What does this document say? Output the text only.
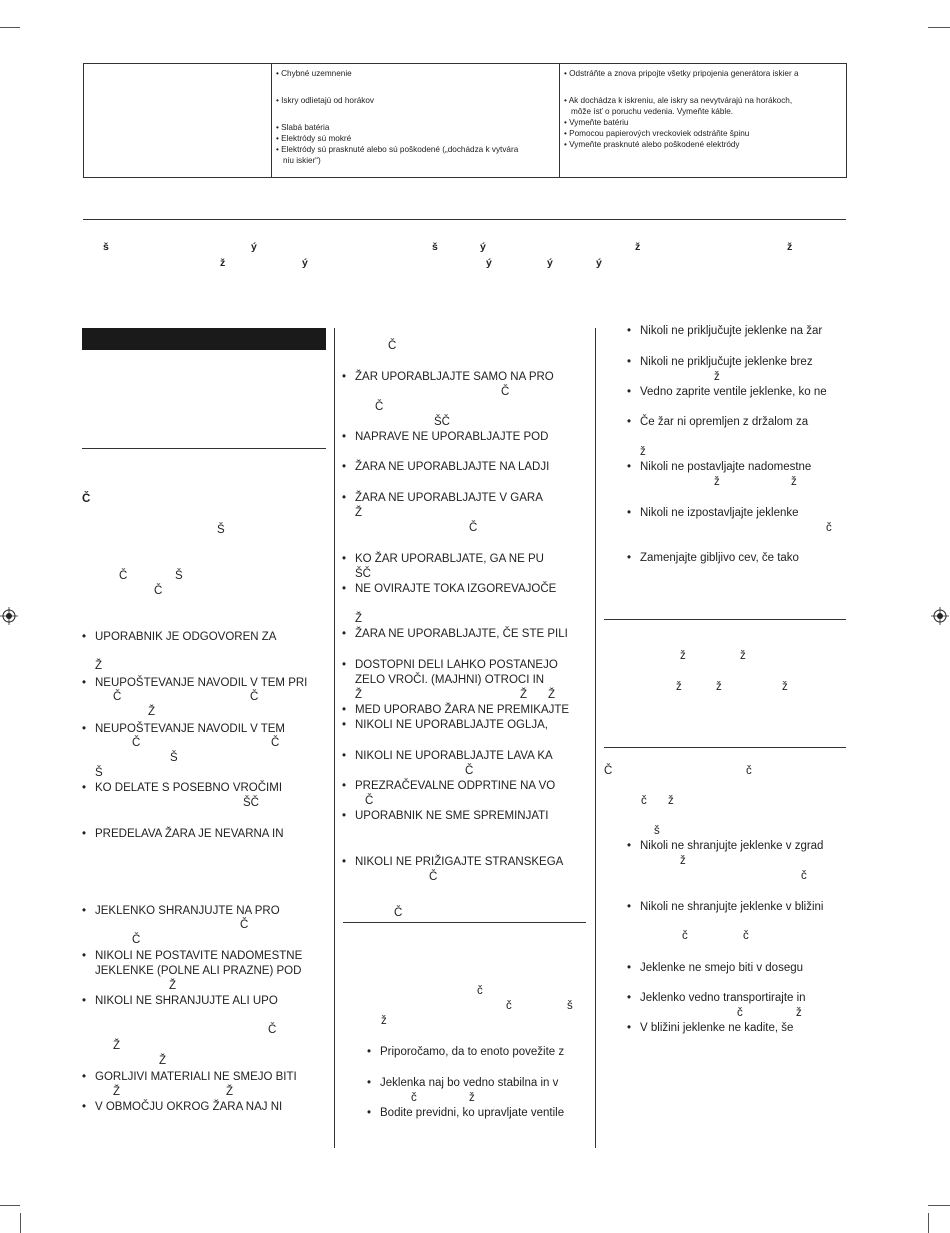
• Chybné uzemnenie
• Iskry odlietajú od horákov
• Slabá batéria
• Elektródy sú mokré
• Elektródy sú prasknuté alebo sú poškodené („dochádza k vytvára
niu iskier“)

• Odstráňte a znova pripojte všetky pripojenia generátora iskier a
• Ak dochádza k iskreniu, ale iskry sa nevytvárajú na horákoch,
môže ísť o poruchu vedenia. Vymeňte káble.
• Vymeňte batériu
• Pomocou papierových vreckoviek odstráňte špinu
• Vymeňte prasknuté alebo poškodené elektródy
š	ý	š	ý	ž	ž
ž	ý	ý	ý	ý
Č
Š
Č	Š
Č
• UPORABNIK JE ODGOVOREN ZA
Ž
• NEUPOŠTEVANJE NAVODIL V TEM PRI
Č	Č
Ž
• NEUPOŠTEVANJE NAVODIL V TEM
Č	Č
Š
Š
• KO DELATE S POSEBNO VROČIMI
ŠČ
• PREDELAVA ŽARA JE NEVARNA IN
• JEKLENKO SHRANJUJTE NA PRO
Č
Č
• NIKOLI NE POSTAVITE NADOMESTNE
JEKLENKE (POLNE ALI PRAZNE) POD
Ž
• NIKOLI NE SHRANJUJTE ALI UPO
Č
Ž
Ž
• GORLJIVI MATERIALI NE SMEJO BITI
Ž	Ž
• V OBMOČJU OKROG ŽARA NAJ NI
Č
• ŽAR UPORABLJAJTE SAMO NA PRO
Č
Č
ŠČ
• NAPRAVE NE UPORABLJAJTE POD
• ŽARA NE UPORABLJAJTE NA LADJI
• ŽARA NE UPORABLJAJTE V GARA
Ž
Č
• KO ŽAR UPORABLJATE, GA NE PU
ŠČ
• NE OVIRAJTE TOKA IZGOREVAJOČE
Ž
• ŽARA NE UPORABLJAJTE, ČE STE PILI
• DOSTOPNI DELI LAHKO POSTANEJO
ZELO VROČI. (MAJHNI) OTROCI IN
Ž	Ž Ž
• MED UPORABO ŽARA NE PREMIKAJTE
• NIKOLI NE UPORABLJAJTE OGLJA,
• NIKOLI NE UPORABLJAJTE LAVA KA
Č
• PREZRAČEVALNE ODPRTINE NA VO
Č
• UPORABNIK NE SME SPREMINJATI
• NIKOLI NE PRIŽIGAJTE STRANSKEGA
Č
Č
č
č	š
ž
• Priporočamo, da to enoto povežite z
• Jeklenka naj bo vedno stabilna in v
č	ž
• Bodite previdni, ko upravljate ventile
• Nikoli ne priključujte jeklenke na žar
• Nikoli ne priključujte jeklenke brez
ž
• Vedno zaprite ventile jeklenke, ko ne
• Če žar ni opremljen z držalom za
ž
• Nikoli ne postavljajte nadomestne
ž	ž
• Nikoli ne izpostavljajte jeklenke
č
• Zamenjajte gibljivo cev, če tako
ž	ž
ž	ž	ž
Č	č
č ž
š
• Nikoli ne shranjujte jeklenke v zgrad
ž
č
• Nikoli ne shranjujte jeklenke v bližini
č	č
• Jeklenke ne smejo biti v dosegu
• Jeklenko vedno transportirajte in
č	ž
• V bližini jeklenke ne kadite, še
